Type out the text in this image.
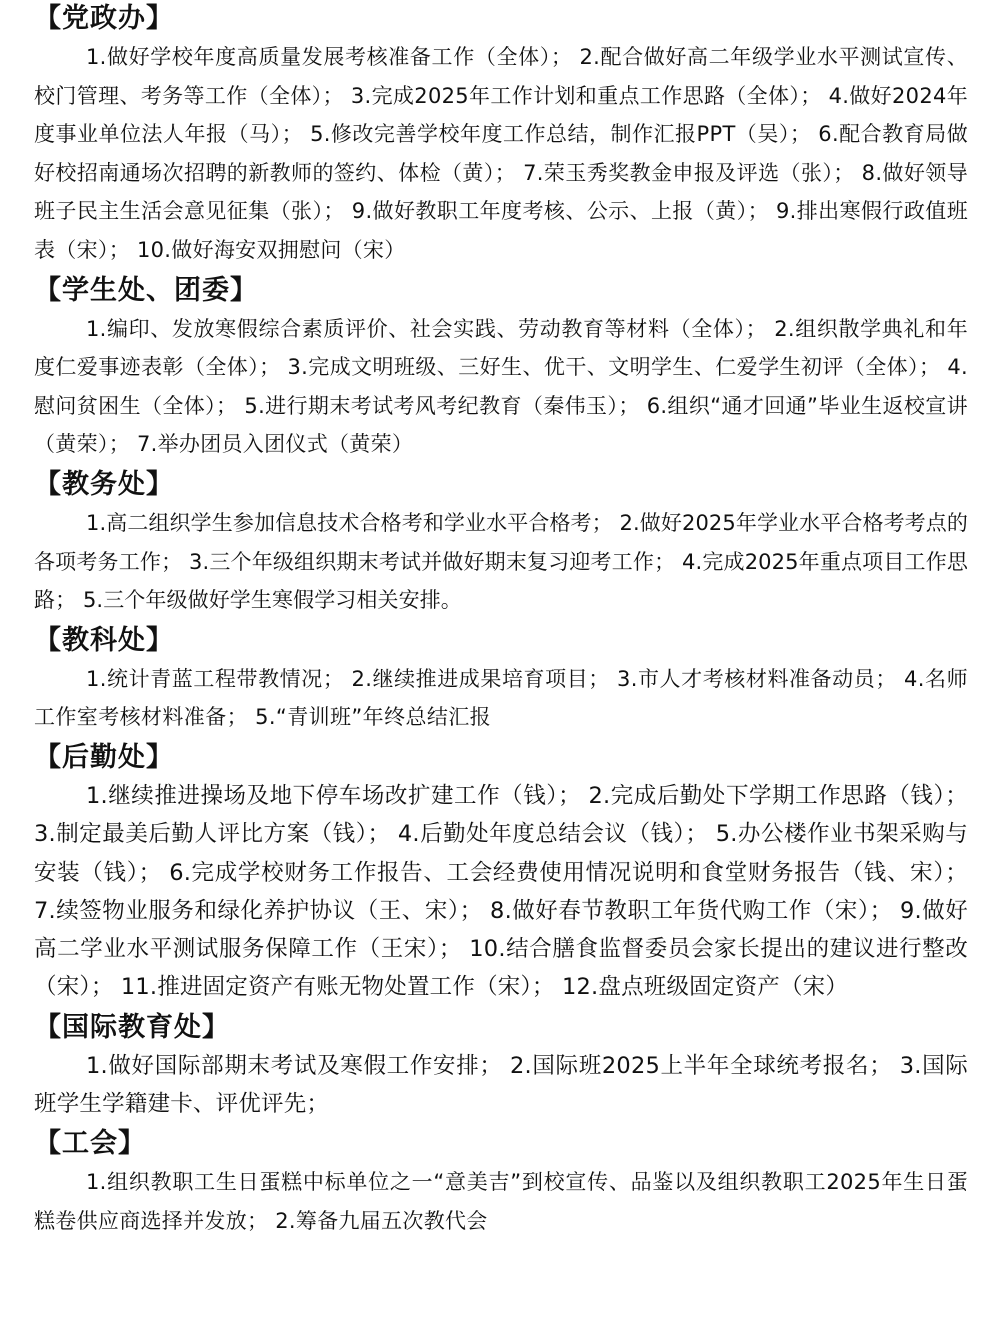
【党政办】

1.做好学校年度高质量发展考核准备工作（全体）； 2.配合做好高二年级学业水平测试宣传、校门管理、考务等工作（全体）； 3.完成2025年工作计划和重点工作思路（全体）； 4.做好2024年度事业单位法人年报（马）； 5.修改完善学校年度工作总结，制作汇报PPT（吴）； 6.配合教育局做好校招南通场次招聘的新教师的签约、体检（黄）； 7.荣玉秀奖教金申报及评选（张）； 8.做好领导班子民主生活会意见征集（张）； 9.做好教职工年度考核、公示、上报（黄）； 9.排出寒假行政值班表（宋）； 10.做好海安双拥慰问（宋）

【学生处、团委】

1.编印、发放寒假综合素质评价、社会实践、劳动教育等材料（全体）； 2.组织散学典礼和年度仁爱事迹表彰（全体）； 3.完成文明班级、三好生、优干、文明学生、仁爱学生初评（全体）； 4.慰问贫困生（全体）； 5.进行期末考试考风考纪教育（秦伟玉）； 6.组织“通才回通”毕业生返校宣讲（黄荣）； 7.举办团员入团仪式（黄荣）

【教务处】

1.高二组织学生参加信息技术合格考和学业水平合格考； 2.做好2025年学业水平合格考考点的各项考务工作； 3.三个年级组织期末考试并做好期末复习迎考工作； 4.完成2025年重点项目工作思路； 5.三个年级做好学生寒假学习相关安排。

【教科处】

1.统计青蓝工程带教情况； 2.继续推进成果培育项目； 3.市人才考核材料准备动员； 4.名师工作室考核材料准备； 5.“青训班”年终总结汇报

【后勤处】

1.继续推进操场及地下停车场改扩建工作（钱）； 2.完成后勤处下学期工作思路（钱）； 3.制定最美后勤人评比方案（钱）； 4.后勤处年度总结会议（钱）； 5.办公楼作业书架采购与安装（钱）； 6.完成学校财务工作报告、工会经费使用情况说明和食堂财务报告（钱、宋）； 7.续签物业服务和绿化养护协议（王、宋）； 8.做好春节教职工年货代购工作（宋）； 9.做好高二学业水平测试服务保障工作（王宋）； 10.结合膳食监督委员会家长提出的建议进行整改（宋）； 11.推进固定资产有账无物处置工作（宋）； 12.盘点班级固定资产（宋）

【国际教育处】

1.做好国际部期末考试及寒假工作安排； 2.国际班2025上半年全球统考报名； 3.国际班学生学籍建卡、评优评先；

【工会】

1.组织教职工生日蛋糕中标单位之一“意美吉”到校宣传、品鉴以及组织教职工2025年生日蛋糕卷供应商选择并发放； 2.筹备九届五次教代会
